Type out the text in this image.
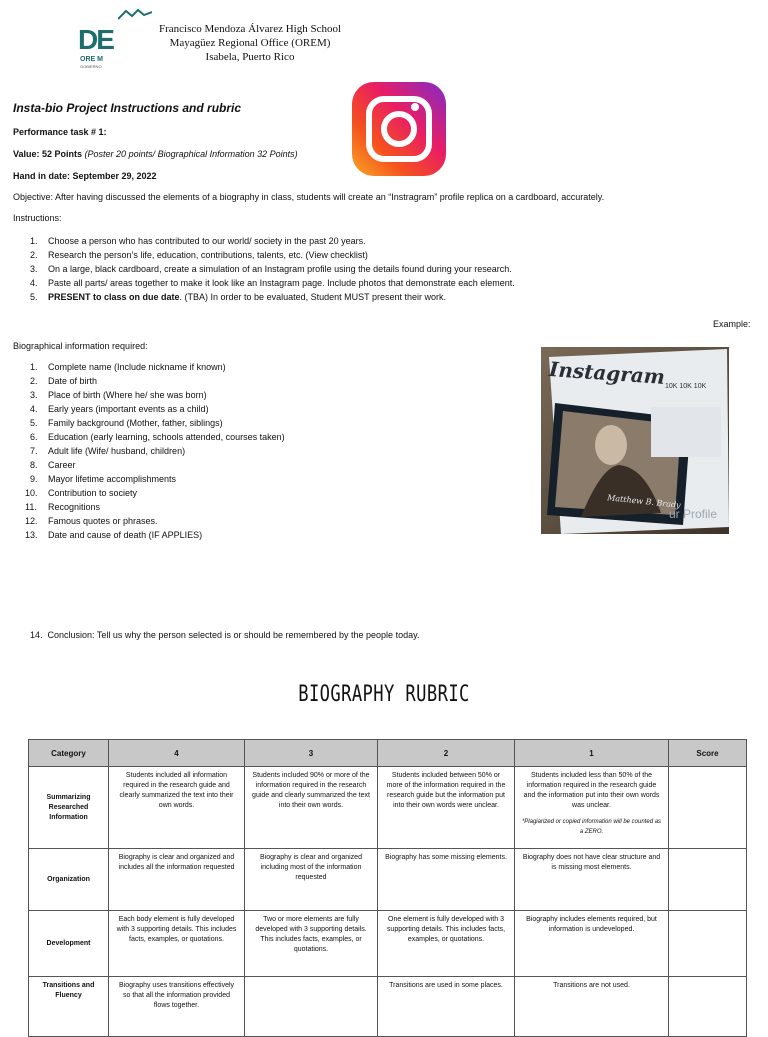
DE
ORE M
GOBIERNO
Francisco Mendoza Álvarez High School
Mayagüez Regional Office (OREM)
Isabela, Puerto Rico
Insta-bio Project Instructions and rubric
Performance task # 1:
Value: 52 Points (Poster 20 points/ Biographical Information 32 Points)
Hand in date: September 29, 2022
Objective: After having discussed the elements of a biography in class, students will create an “Instragram” profile replica on a cardboard, accurately.
Instructions:
1. Choose a person who has contributed to our world/ society in the past 20 years.
2. Research the person’s life, education, contributions, talents, etc. (View checklist)
3. On a large, black cardboard, create a simulation of an Instagram profile using the details found during your research.
4. Paste all parts/ areas together to make it look like an Instagram page. Include photos that demonstrate each element.
5. PRESENT to class on due date. (TBA) In order to be evaluated, Student MUST present their work.
Example:
Biographical information required:
1. Complete name (Include nickname if known)
2. Date of birth
3. Place of birth (Where he/ she was born)
4. Early years (important events as a child)
5. Family background (Mother, father, siblings)
6. Education (early learning, schools attended, courses taken)
7. Adult life (Wife/ husband, children)
8. Career
9. Mayor lifetime accomplishments
10. Contribution to society
11. Recognitions
12. Famous quotes or phrases.
13. Date and cause of death (IF APPLIES)
14. Conclusion: Tell us why the person selected is or should be remembered by the people today.
Instagram 10K 10K 10K
Matthew B. Brady
ur Profile
BIOGRAPHY RUBRIC
Category	4	3	2	1	Score
Summarizing Researched Information	Students included all information required in the research guide and clearly summarized the text into their own words.	Students included 90% or more of the information required in the research guide and clearly summarized the text into their own words.	Students included between 50% or more of the information required in the research guide but the information put into their own words were unclear.	Students included less than 50% of the information required in the research guide and the information put into their own words was unclear.
*Plagiarized or copied information will be counted as a ZERO.	

Organization	Biography is clear and organized and includes all the information requested	Biography is clear and organized including most of the information requested	Biography has some missing elements.	Biography does not have clear structure and is missing most elements.	
Development	Each body element is fully developed with 3 supporting details. This includes facts, examples, or quotations.	Two or more elements are fully developed with 3 supporting details. This includes facts, examples, or quotations.	One element is fully developed with 3 supporting details. This includes facts, examples, or quotations.	Biography includes elements required, but information is undeveloped.	
Transitions and Fluency	Biography uses transitions effectively so that all the information provided flows together.		Transitions are used in some places.	Transitions are not used.	
